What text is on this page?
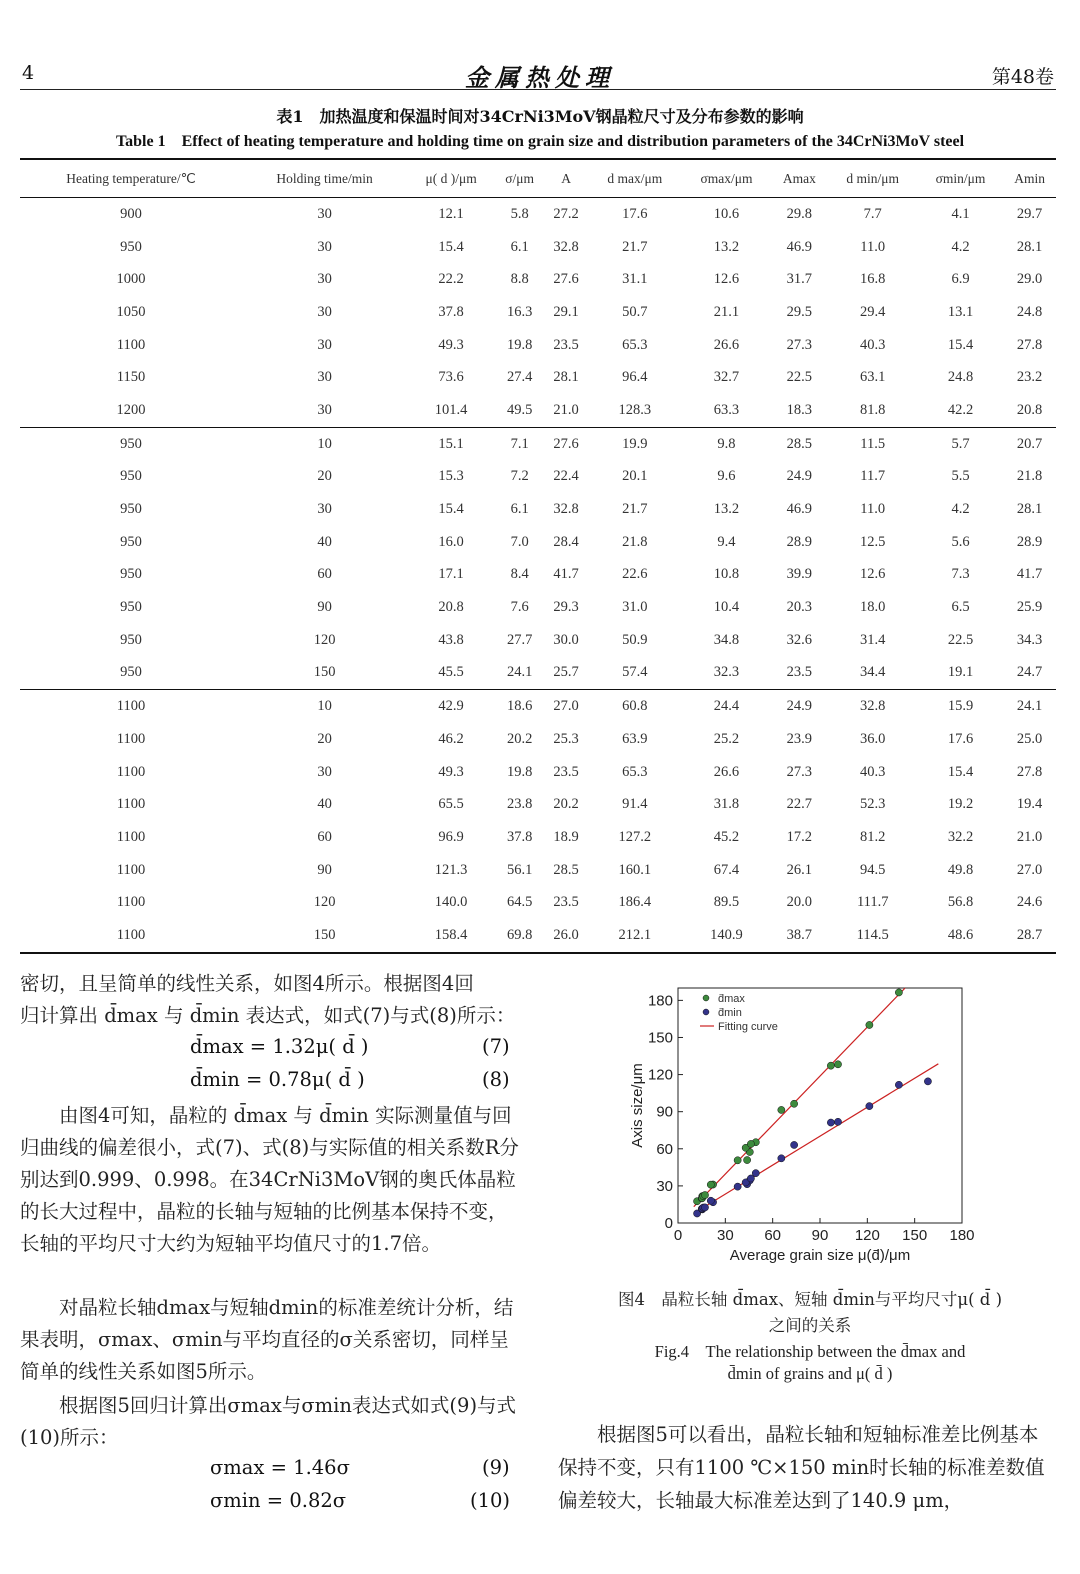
4	金属热处理	第48卷
表1　加热温度和保温时间对34CrNi3MoV钢晶粒尺寸及分布参数的影响
Table 1　Effect of heating temperature and holding time on grain size and distribution parameters of the 34CrNi3MoV steel
Heating temperature/℃	Holding time/min	μ( d )/μm	σ/μm	A	d max/μm	σmax/μm	Amax	d min/μm	σmin/μm	Amin
900	30	12.1	5.8	27.2	17.6	10.6	29.8	7.7	4.1	29.7
950	30	15.4	6.1	32.8	21.7	13.2	46.9	11.0	4.2	28.1
1000	30	22.2	8.8	27.6	31.1	12.6	31.7	16.8	6.9	29.0
1050	30	37.8	16.3	29.1	50.7	21.1	29.5	29.4	13.1	24.8
1100	30	49.3	19.8	23.5	65.3	26.6	27.3	40.3	15.4	27.8
1150	30	73.6	27.4	28.1	96.4	32.7	22.5	63.1	24.8	23.2
1200	30	101.4	49.5	21.0	128.3	63.3	18.3	81.8	42.2	20.8
950	10	15.1	7.1	27.6	19.9	9.8	28.5	11.5	5.7	20.7
950	20	15.3	7.2	22.4	20.1	9.6	24.9	11.7	5.5	21.8
950	30	15.4	6.1	32.8	21.7	13.2	46.9	11.0	4.2	28.1
950	40	16.0	7.0	28.4	21.8	9.4	28.9	12.5	5.6	28.9
950	60	17.1	8.4	41.7	22.6	10.8	39.9	12.6	7.3	41.7
950	90	20.8	7.6	29.3	31.0	10.4	20.3	18.0	6.5	25.9
950	120	43.8	27.7	30.0	50.9	34.8	32.6	31.4	22.5	34.3
950	150	45.5	24.1	25.7	57.4	32.3	23.5	34.4	19.1	24.7
1100	10	42.9	18.6	27.0	60.8	24.4	24.9	32.8	15.9	24.1
1100	20	46.2	20.2	25.3	63.9	25.2	23.9	36.0	17.6	25.0
1100	30	49.3	19.8	23.5	65.3	26.6	27.3	40.3	15.4	27.8
1100	40	65.5	23.8	20.2	91.4	31.8	22.7	52.3	19.2	19.4
1100	60	96.9	37.8	18.9	127.2	45.2	17.2	81.2	32.2	21.0
1100	90	121.3	56.1	28.5	160.1	67.4	26.1	94.5	49.8	27.0
1100	120	140.0	64.5	23.5	186.4	89.5	20.0	111.7	56.8	24.6
1100	150	158.4	69.8	26.0	212.1	140.9	38.7	114.5	48.6	28.7

密切，且呈简单的线性关系，如图4所示。根据图4回

归计算出 d̄max 与 d̄min 表达式，如式(7)与式(8)所示：

d̄max = 1.32μ( d̄ )	(7)
d̄min = 0.78μ( d̄ )	(8)
由图4可知，晶粒的 d̄max 与 d̄min 实际测量值与回归曲线的偏差很小，式(7)、式(8)与实际值的相关系数R分别达到0.999、0.998。在34CrNi3MoV钢的奥氏体晶粒的长大过程中，晶粒的长轴与短轴的比例基本保持不变，长轴的平均尺寸大约为短轴平均值尺寸的1.7倍。
对晶粒长轴dmax与短轴dmin的标准差统计分析，结果表明，σmax、σmin与平均直径的σ关系密切，同样呈简单的线性关系如图5所示。
根据图5回归计算出σmax与σmin表达式如式(9)与式(10)所示：
σmax = 1.46σ	(9)
σmin = 0.82σ	(10)
0 30 60 90 120 150 180
0
30
60
90
120
150
180
Average grain size μ(d̄)/μm
Axis size/μm
d̄max
d̄min
Fitting curve
图4　晶粒长轴 d̄max、短轴 d̄min与平均尺寸μ( d̄ )
之间的关系
Fig.4　The relationship between the d̄max and
d̄min of grains and μ( d̄ )
根据图5可以看出，晶粒长轴和短轴标准差比例基本保持不变，只有1100 ℃×150 min时长轴的标准差数值偏差较大，长轴最大标准差达到了140.9 μm，
